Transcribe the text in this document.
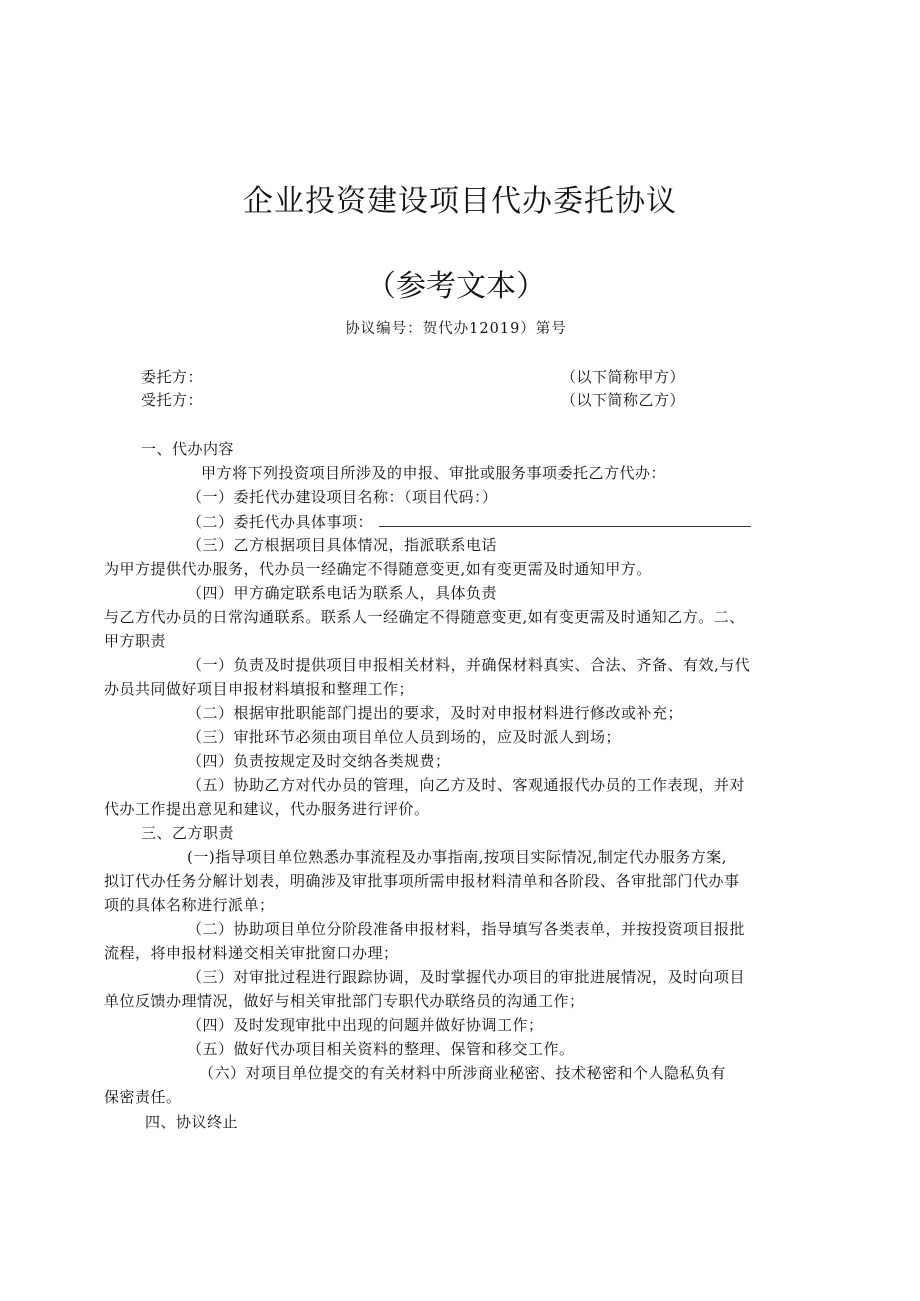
企业投资建设项目代办委托协议
（参考文本）
协议编号：贺代办12019）第号
委托方：	（以下简称甲方）
受托方：	（以下简称乙方）
一、代办内容
甲方将下列投资项目所涉及的申报、审批或服务事项委托乙方代办：
（一）委托代办建设项目名称：（项目代码：）
（二）委托代办具体事项：
（三）乙方根据项目具体情况，指派联系电话
为甲方提供代办服务，代办员一经确定不得随意变更,如有变更需及时通知甲方。
（四）甲方确定联系电话为联系人，具体负责
与乙方代办员的日常沟通联系。联系人一经确定不得随意变更,如有变更需及时通知乙方。二、
甲方职责
（一）负责及时提供项目申报相关材料，并确保材料真实、合法、齐备、有效,与代
办员共同做好项目申报材料填报和整理工作；
（二）根据审批职能部门提出的要求，及时对申报材料进行修改或补充；
（三）审批环节必须由项目单位人员到场的，应及时派人到场；
（四）负责按规定及时交纳各类规费；
（五）协助乙方对代办员的管理，向乙方及时、客观通报代办员的工作表现，并对
代办工作提出意见和建议，代办服务进行评价。
三、乙方职责
(一)指导项目单位熟悉办事流程及办事指南,按项目实际情况,制定代办服务方案,
拟订代办任务分解计划表，明确涉及审批事项所需申报材料清单和各阶段、各审批部门代办事
项的具体名称进行派单；
（二）协助项目单位分阶段准备申报材料，指导填写各类表单，并按投资项目报批
流程，将申报材料递交相关审批窗口办理；
（三）对审批过程进行跟踪协调，及时掌握代办项目的审批进展情况，及时向项目
单位反馈办理情况，做好与相关审批部门专职代办联络员的沟通工作；
（四）及时发现审批中出现的问题并做好协调工作；
（五）做好代办项目相关资料的整理、保管和移交工作。
（六）对项目单位提交的有关材料中所涉商业秘密、技术秘密和个人隐私负有
保密责任。
四、协议终止
